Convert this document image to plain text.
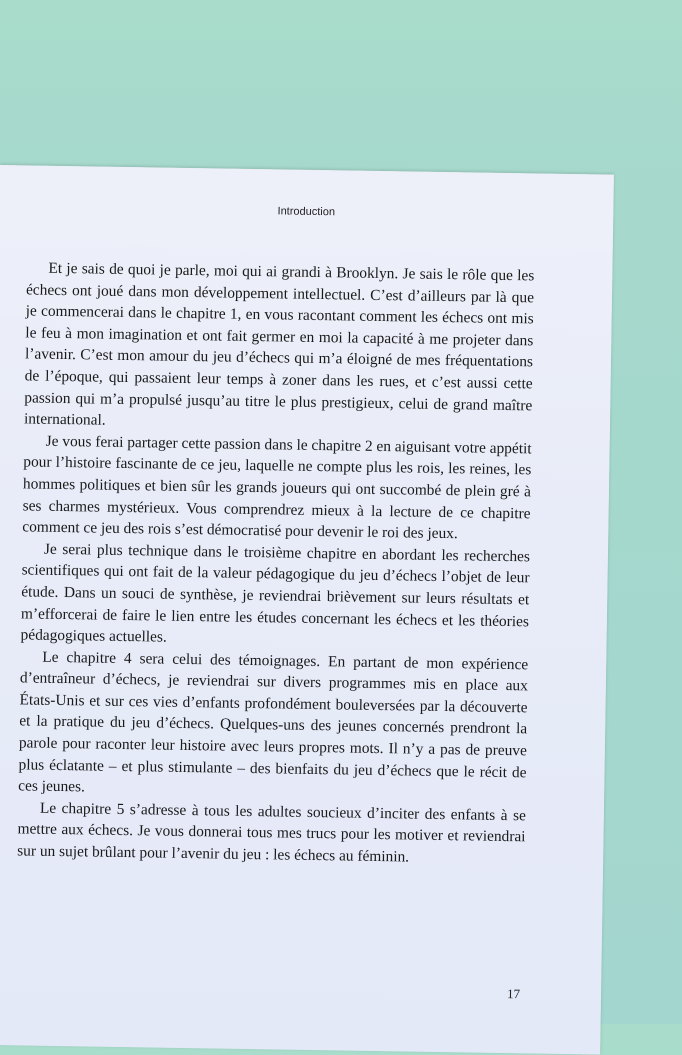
Introduction

Et je sais de quoi je parle, moi qui ai grandi à Brooklyn. Je sais le rôle que les échecs ont joué dans mon développement intellectuel. C’est d’ailleurs par là que je commencerai dans le chapitre 1, en vous racontant comment les échecs ont mis le feu à mon imagination et ont fait germer en moi la capacité à me projeter dans l’avenir. C’est mon amour du jeu d’échecs qui m’a éloigné de mes fréquentations de l’époque, qui passaient leur temps à zoner dans les rues, et c’est aussi cette passion qui m’a propulsé jusqu’au titre le plus prestigieux, celui de grand maître international.

Je vous ferai partager cette passion dans le chapitre 2 en aiguisant votre appétit pour l’histoire fascinante de ce jeu, laquelle ne compte plus les rois, les reines, les hommes politiques et bien sûr les grands joueurs qui ont succombé de plein gré à ses charmes mystérieux. Vous comprendrez mieux à la lecture de ce chapitre comment ce jeu des rois s’est démocratisé pour devenir le roi des jeux.

Je serai plus technique dans le troisième chapitre en abordant les recherches scientifiques qui ont fait de la valeur pédagogique du jeu d’échecs l’objet de leur étude. Dans un souci de synthèse, je reviendrai brièvement sur leurs résultats et m’efforcerai de faire le lien entre les études concernant les échecs et les théories pédagogiques actuelles.

Le chapitre 4 sera celui des témoignages. En partant de mon expérience d’entraîneur d’échecs, je reviendrai sur divers programmes mis en place aux États-Unis et sur ces vies d’enfants profondément bouleversées par la découverte et la pratique du jeu d’échecs. Quelques-uns des jeunes concernés prendront la parole pour raconter leur histoire avec leurs propres mots. Il n’y a pas de preuve plus éclatante – et plus stimulante – des bienfaits du jeu d’échecs que le récit de ces jeunes.

Le chapitre 5 s’adresse à tous les adultes soucieux d’inciter des enfants à se mettre aux échecs. Je vous donnerai tous mes trucs pour les motiver et reviendrai sur un sujet brûlant pour l’avenir du jeu : les échecs au féminin.

17
